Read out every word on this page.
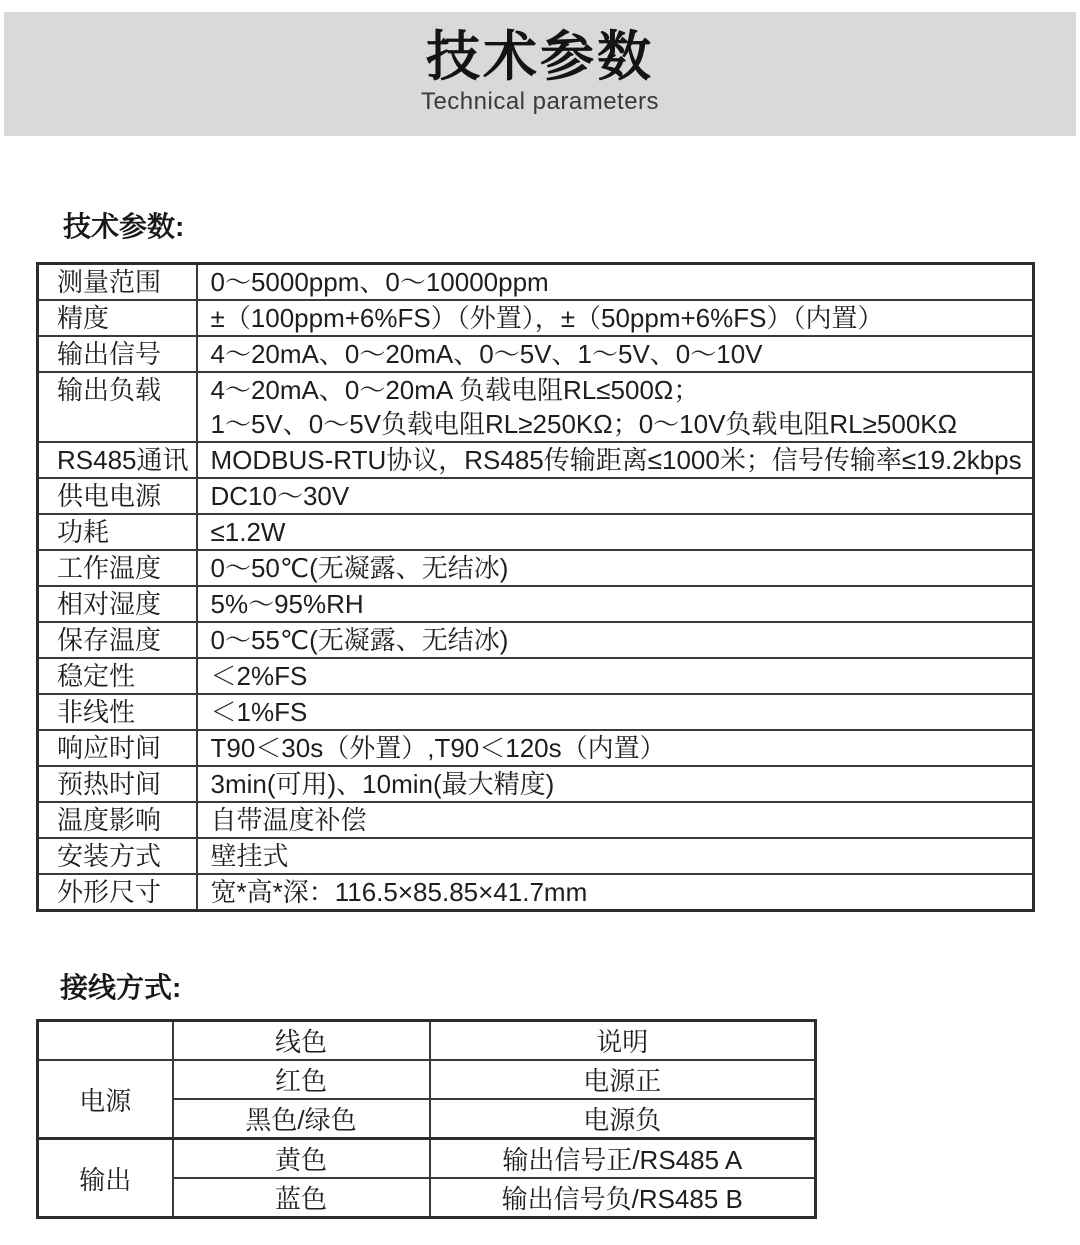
技术参数
Technical parameters
技术参数:
测量范围	0～5000ppm、0～10000ppm

精度	±（100ppm+6%FS）（外置），±（50ppm+6%FS）（内置）

输出信号	4～20mA、0～20mA、0～5V、1～5V、0～10V

输出负载	4～20mA、0～20mA 负载电阻RL≤500Ω；
1～5V、0～5V负载电阻RL≥250KΩ；0～10V负载电阻RL≥500KΩ

RS485通讯	MODBUS-RTU协议，RS485传输距离≤1000米；信号传输率≤19.2kbps

供电电源	DC10～30V

功耗	≤1.2W

工作温度	0～50℃(无凝露、无结冰)

相对湿度	5%～95%RH

保存温度	0～55℃(无凝露、无结冰)

稳定性	＜2%FS

非线性	＜1%FS

响应时间	T90＜30s（外置）,T90＜120s（内置）

预热时间	3min(可用)、10min(最大精度)

温度影响	自带温度补偿

安装方式	壁挂式

外形尺寸	宽*高*深：116.5×85.85×41.7mm
接线方式:
	线色	说明
电源	红色	电源正
	黑色/绿色	电源负
输出	黄色	输出信号正/RS485 A
	蓝色	输出信号负/RS485 B
